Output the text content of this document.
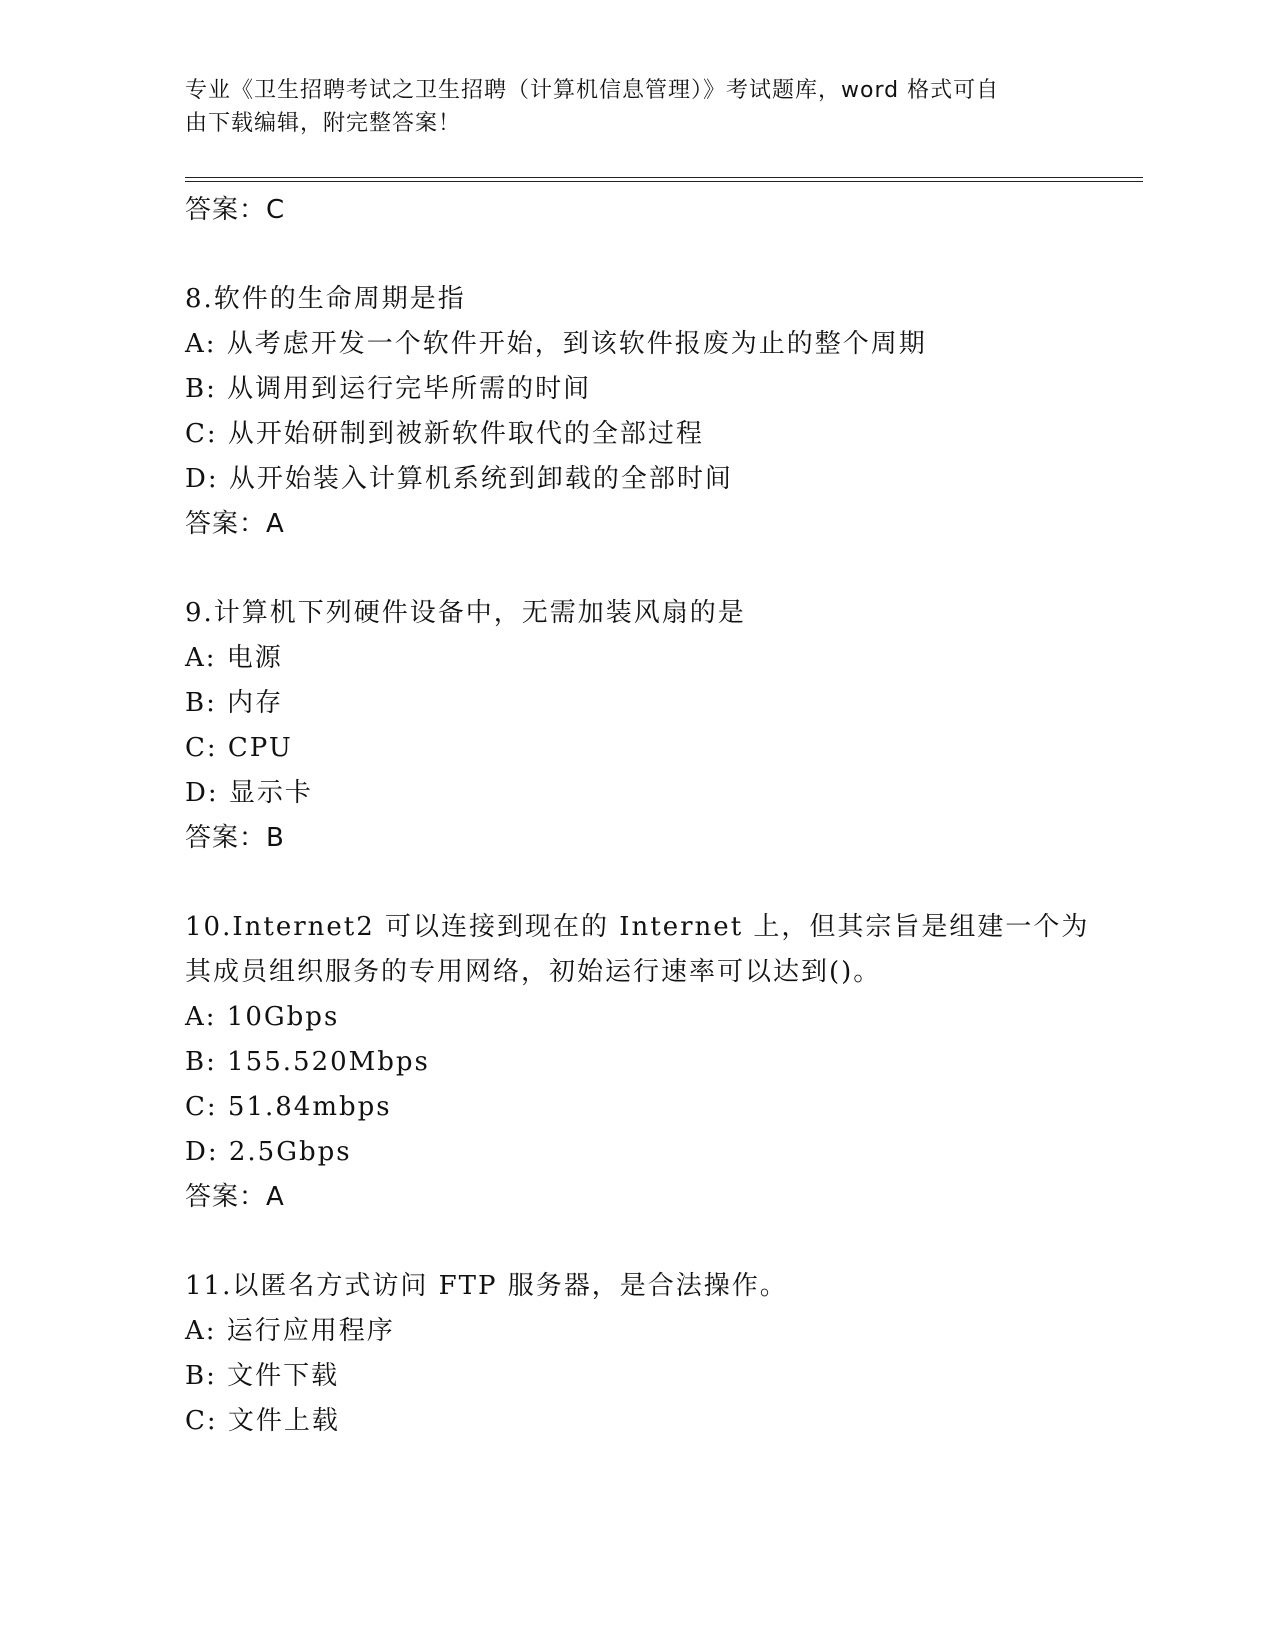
专业《卫生招聘考试之卫生招聘（计算机信息管理）》考试题库，word 格式可自
由下载编辑，附完整答案！
答案：C
8.软件的生命周期是指
A: 从考虑开发一个软件开始，到该软件报废为止的整个周期
B: 从调用到运行完毕所需的时间
C: 从开始研制到被新软件取代的全部过程
D: 从开始装入计算机系统到卸载的全部时间
答案：A
9.计算机下列硬件设备中，无需加装风扇的是
A: 电源
B: 内存
C: CPU
D: 显示卡
答案：B
10.Internet2 可以连接到现在的 Internet 上，但其宗旨是组建一个为
其成员组织服务的专用网络，初始运行速率可以达到()。
A: 10Gbps
B: 155.520Mbps
C: 51.84mbps
D: 2.5Gbps
答案：A
11.以匿名方式访问 FTP 服务器，是合法操作。
A: 运行应用程序
B: 文件下载
C: 文件上载
